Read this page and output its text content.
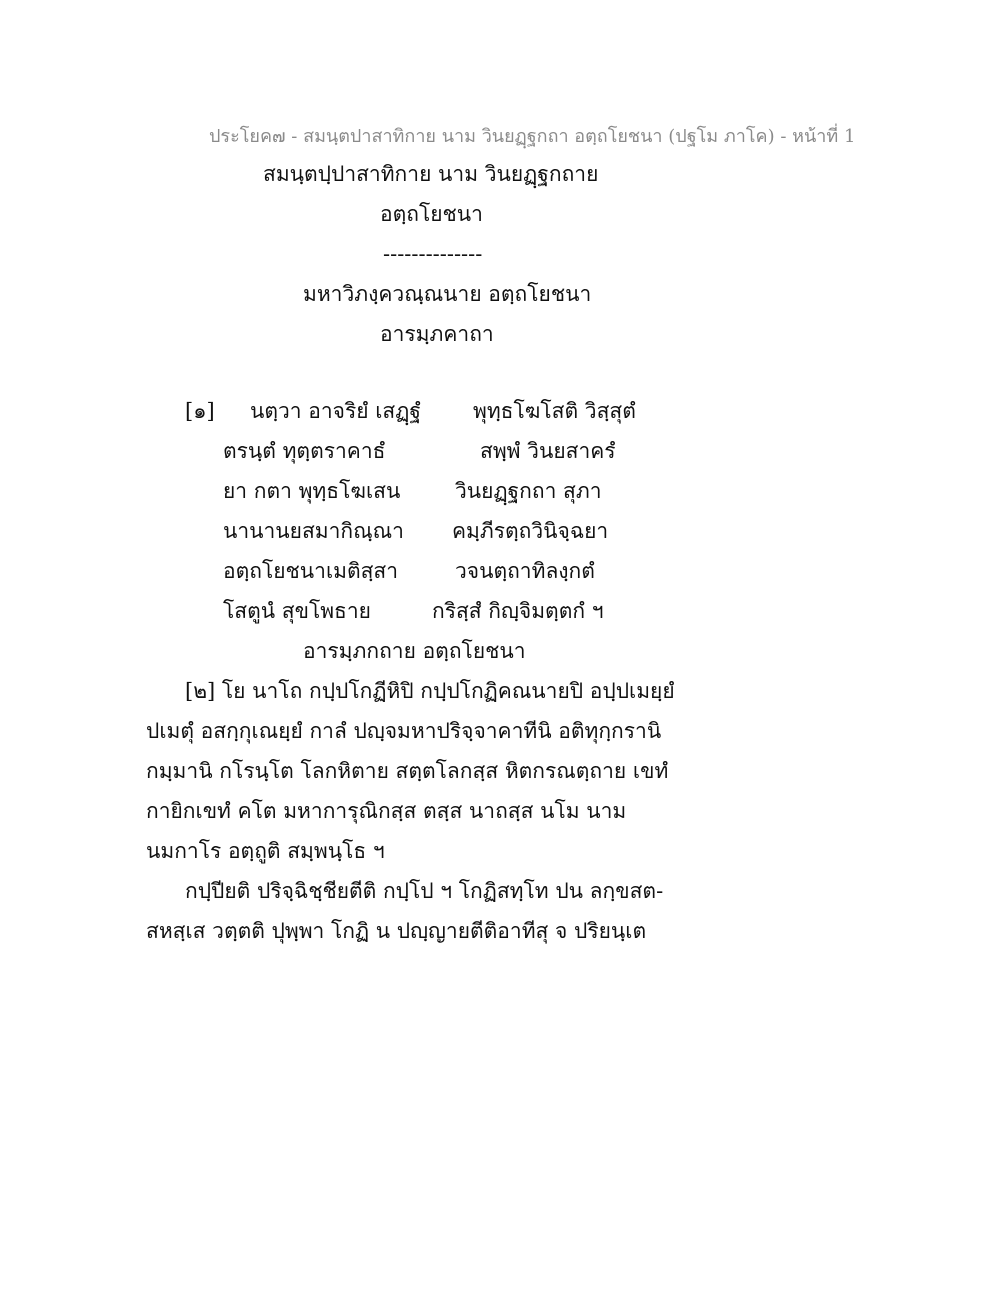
ประโยค๗ - สมนฺตปาสาทิกาย นาม วินยฏฺฐกถา อตฺถโยชนา (ปฐโม ภาโค) - หน้าที่ 1
สมนฺตปฺปาสาทิกาย นาม วินยฏฺฐกถาย
อตฺถโยชนา
--------------
มหาวิภงฺควณฺณนาย อตฺถโยชนา
อารมฺภคาถา
[๑] นตฺวา อาจริยํ เสฏฺฐํ พุทฺธโฆโสติ วิสฺสุตํ
ตรนฺตํ ทุตฺตราคาธํ	สพฺพํ วินยสาครํ
ยา กตา พุทฺธโฆเสน	วินยฏฺฐกถา สุภา
นานานยสมากิณฺณา คมฺภีรตฺถวินิจฺฉยา
อตฺถโยชนาเมติสฺสา	วจนตฺถาทิลงฺกตํ
โสตูนํ สุขโพธาย	กริสฺสํ กิญฺจิมตฺตกํ ฯ
อารมฺภกถาย อตฺถโยชนา
[๒] โย นาโถ กปฺปโกฏีหิปิ กปฺปโกฏิคณนายปิ อปฺปเมยฺยํ
ปเมตุํ อสกฺกุเณยฺยํ กาลํ ปญฺจมหาปริจฺจาคาทีนิ อติทุกฺกรานิ
กมฺมานิ กโรนฺโต โลกหิตาย สตฺตโลกสฺส หิตกรณตฺถาย เขทํ
กายิกเขทํ คโต มหาการุณิกสฺส ตสฺส นาถสฺส นโม นาม
นมกาโร อตฺถูติ สมฺพนฺโธ ฯ
กปฺปียติ ปริจฺฉิชฺชียตีติ กปฺโป ฯ โกฏิสทฺโท ปน ลกฺขสต-
สหสฺเส วตฺตติ ปุพฺพา โกฏิ น ปญฺญายตีติอาทีสุ จ ปริยนฺเต
